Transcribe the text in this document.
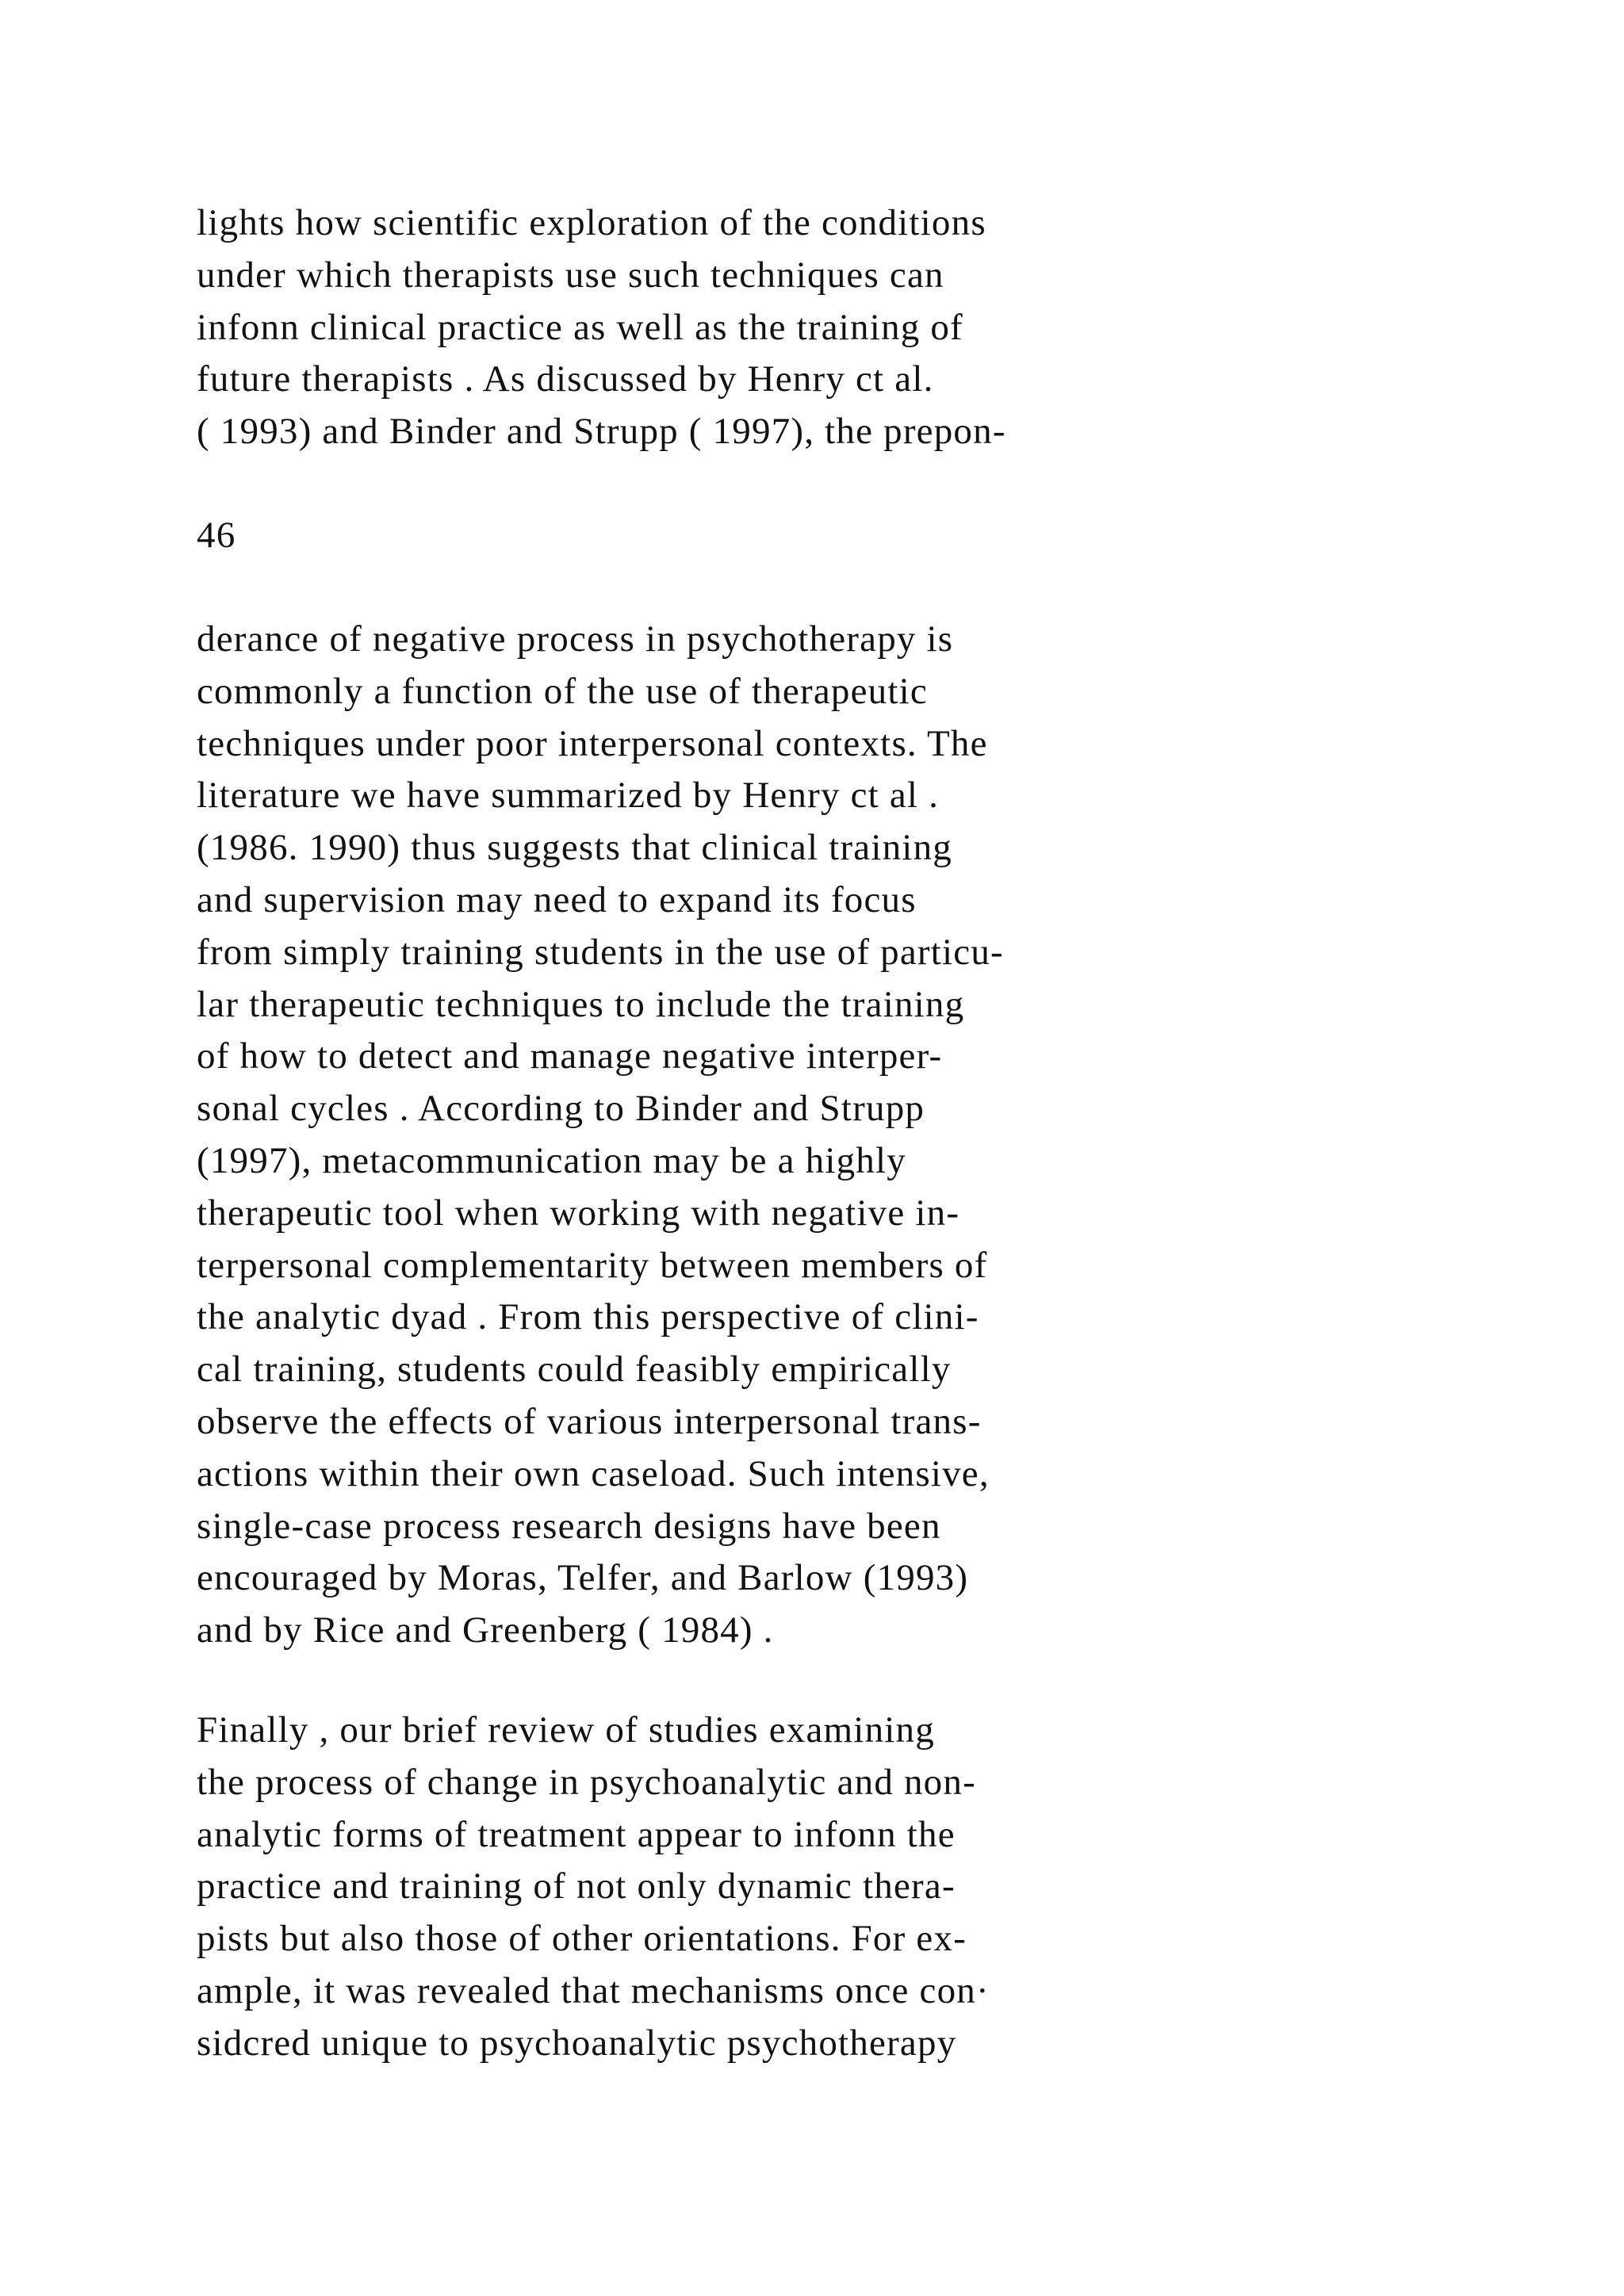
lights how scientific exploration of the conditions
under which therapists use such techniques can
infonn clinical practice as well as the training of
future therapists . As discussed by Henry ct al.
( 1993) and Binder and Strupp ( 1997), the prepon-

46

derance of negative process in psychotherapy is
commonly a function of the use of therapeutic
techniques under poor interpersonal contexts. The
literature we have summarized by Henry ct al .
(1986. 1990) thus suggests that clinical training
and supervision may need to expand its focus
from simply training students in the use of particu-
lar therapeutic techniques to include the training
of how to detect and manage negative interper-
sonal cycles . According to Binder and Strupp
(1997), metacommunication may be a highly
therapeutic tool when working with negative in-
terpersonal complementarity between members of
the analytic dyad . From this perspective of clini-
cal training, students could feasibly empirically
observe the effects of various interpersonal trans-
actions within their own caseload. Such intensive,
single-case process research designs have been
encouraged by Moras, Telfer, and Barlow (1993)
and by Rice and Greenberg ( 1984) .

Finally , our brief review of studies examining
the process of change in psychoanalytic and non-
analytic forms of treatment appear to infonn the
practice and training of not only dynamic thera-
pists but also those of other orientations. For ex-
ample, it was revealed that mechanisms once con·
sidcred unique to psychoanalytic psychotherapy
